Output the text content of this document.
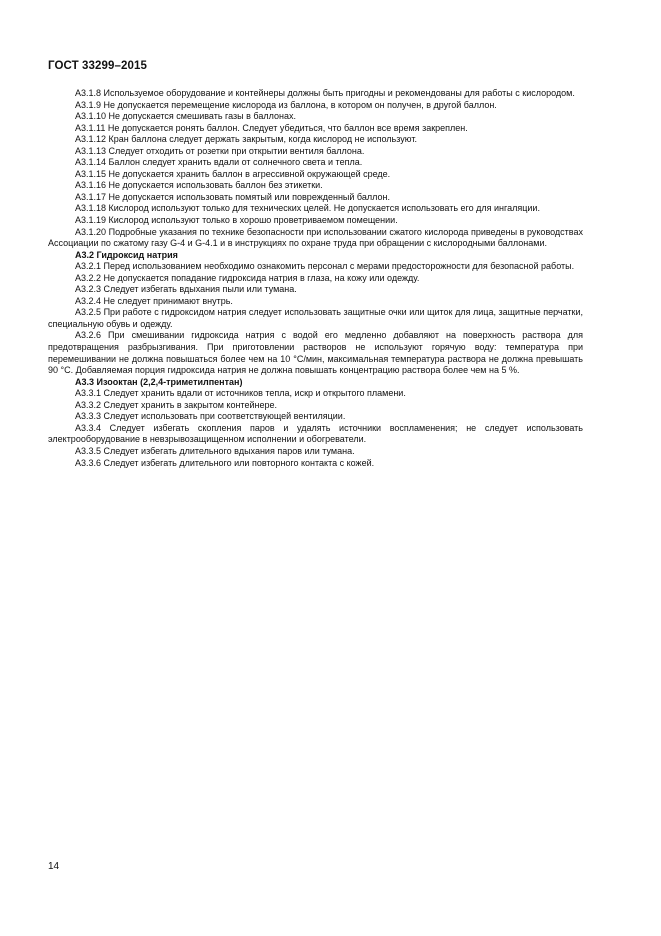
ГОСТ 33299–2015

А3.1.8 Используемое оборудование и контейнеры должны быть пригодны и рекомендованы для работы с кислородом.

А3.1.9 Не допускается перемещение кислорода из баллона, в котором он получен, в другой баллон.

А3.1.10 Не допускается смешивать газы в баллонах.

А3.1.11 Не допускается ронять баллон. Следует убедиться, что баллон все время закреплен.

А3.1.12 Кран баллона следует держать закрытым, когда кислород не используют.

А3.1.13 Следует отходить от розетки при открытии вентиля баллона.

А3.1.14 Баллон следует хранить вдали от солнечного света и тепла.

А3.1.15 Не допускается хранить баллон в агрессивной окружающей среде.

А3.1.16 Не допускается использовать баллон без этикетки.

А3.1.17 Не допускается использовать помятый или поврежденный баллон.

А3.1.18 Кислород используют только для технических целей. Не допускается использовать его для ингаляции.

А3.1.19 Кислород используют только в хорошо проветриваемом помещении.

А3.1.20 Подробные указания по технике безопасности при использовании сжатого кислорода приведены в руководствах Ассоциации по сжатому газу G-4 и G-4.1 и в инструкциях по охране труда при обращении с кислородными баллонами.

А3.2 Гидроксид натрия

А3.2.1 Перед использованием необходимо ознакомить персонал с мерами предосторожности для безопасной работы.

А3.2.2 Не допускается попадание гидроксида натрия в глаза, на кожу или одежду.

А3.2.3 Следует избегать вдыхания пыли или тумана.

А3.2.4 Не следует принимают внутрь.

А3.2.5 При работе с гидроксидом натрия следует использовать защитные очки или щиток для лица, защитные перчатки, специальную обувь и одежду.

А3.2.6 При смешивании гидроксида натрия с водой его медленно добавляют на поверхность раствора для предотвращения разбрызгивания. При приготовлении растворов не используют горячую воду: температура при перемешивании не должна повышаться более чем на 10 °С/мин, максимальная температура раствора не должна превышать 90 °С. Добавляемая порция гидроксида натрия не должна повышать концентрацию раствора более чем на 5 %.

А3.3 Изооктан (2,2,4-триметилпентан)

А3.3.1 Следует хранить вдали от источников тепла, искр и открытого пламени.

А3.3.2 Следует хранить в закрытом контейнере.

А3.3.3 Следует использовать при соответствующей вентиляции.

А3.3.4 Следует избегать скопления паров и удалять источники воспламенения; не следует использовать электрооборудование в невзрывозащищенном исполнении и обогреватели.

А3.3.5 Следует избегать длительного вдыхания паров или тумана.

А3.3.6 Следует избегать длительного или повторного контакта с кожей.

14
